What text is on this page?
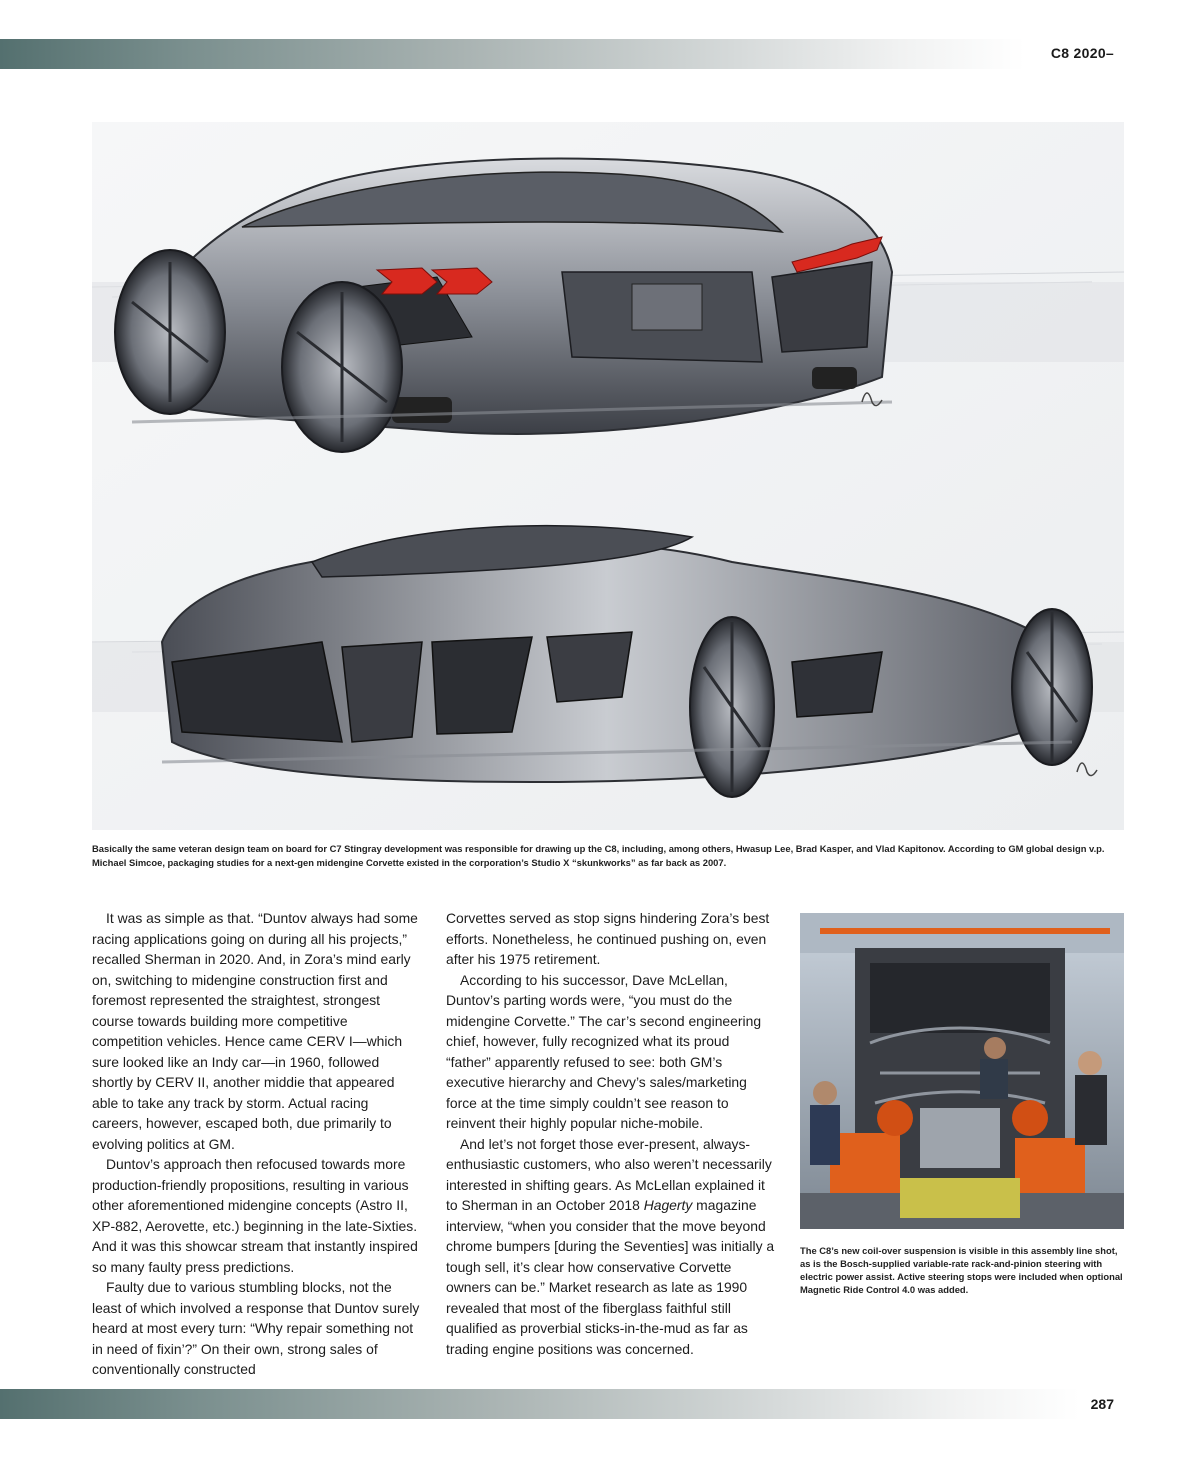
C8 2020–
Basically the same veteran design team on board for C7 Stingray development was responsible for drawing up the C8, including, among others, Hwasup Lee, Brad Kasper, and Vlad Kapitonov. According to GM global design v.p. Michael Simcoe, packaging studies for a next-gen midengine Corvette existed in the corporation’s Studio X “skunkworks” as far back as 2007.

It was as simple as that. “Duntov always had some racing applications going on during all his projects,” recalled Sherman in 2020. And, in Zora’s mind early on, switching to midengine construction first and foremost represented the straightest, strongest course towards building more competitive competition vehicles. Hence came CERV I—which sure looked like an Indy car—in 1960, followed shortly by CERV II, another middie that appeared able to take any track by storm. Actual racing careers, however, escaped both, due primarily to evolving politics at GM.

Duntov’s approach then refocused towards more production-friendly propositions, resulting in various other aforementioned midengine concepts (Astro II, XP-882, Aerovette, etc.) beginning in the late-Sixties. And it was this showcar stream that instantly inspired so many faulty press predictions.

Faulty due to various stumbling blocks, not the least of which involved a response that Duntov surely heard at most every turn: “Why repair something not in need of fixin’?” On their own, strong sales of conventionally constructed

Corvettes served as stop signs hindering Zora’s best efforts. Nonetheless, he continued pushing on, even after his 1975 retirement.

According to his successor, Dave McLellan, Duntov’s parting words were, “you must do the midengine Corvette.” The car’s second engineering chief, however, fully recognized what its proud “father” apparently refused to see: both GM’s executive hierarchy and Chevy’s sales/marketing force at the time simply couldn’t see reason to reinvent their highly popular niche-mobile.

And let’s not forget those ever-present, always-enthusiastic customers, who also weren’t necessarily interested in shifting gears. As McLellan explained it to Sherman in an October 2018 Hagerty magazine interview, “when you consider that the move beyond chrome bumpers [during the Seventies] was initially a tough sell, it’s clear how conservative Corvette owners can be.” Market research as late as 1990 revealed that most of the fiberglass faithful still qualified as proverbial sticks-in-the-mud as far as trading engine positions was concerned.

The C8’s new coil-over suspension is visible in this assembly line shot, as is the Bosch-supplied variable-rate rack-and-pinion steering with electric power assist. Active steering stops were included when optional Magnetic Ride Control 4.0 was added.
287
